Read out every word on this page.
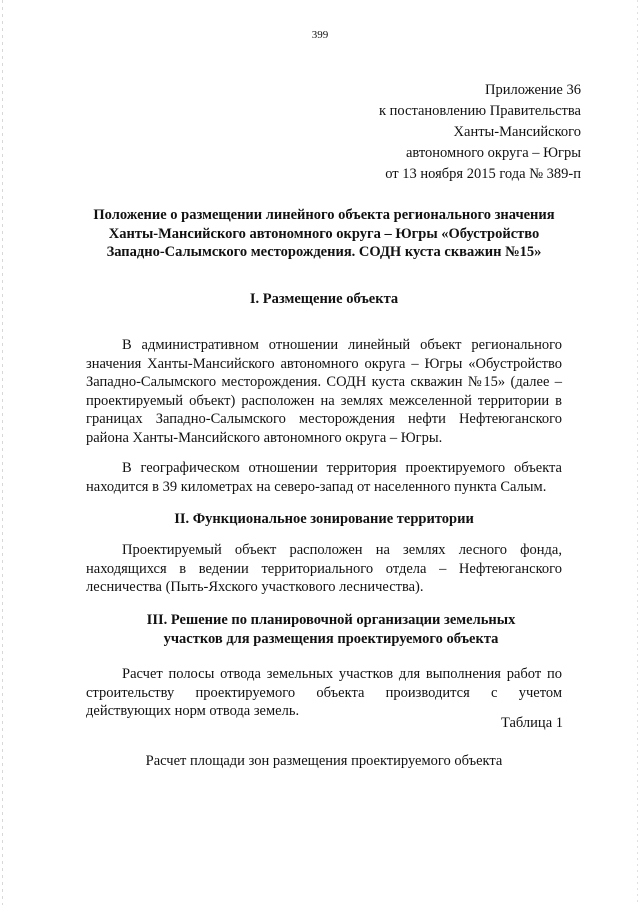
399
Приложение 36
к постановлению Правительства
Ханты-Мансийского
автономного округа – Югры
от 13 ноября 2015 года № 389-п
Положение о размещении линейного объекта регионального значения Ханты-Мансийского автономного округа – Югры «Обустройство Западно-Салымского месторождения. СОДН куста скважин №15»
I. Размещение объекта

В административном отношении линейный объект регионального значения Ханты-Мансийского автономного округа – Югры «Обустройство Западно-Салымского месторождения. СОДН куста скважин №15» (далее – проектируемый объект) расположен на землях межселенной территории в границах Западно-Салымского месторождения нефти Нефтеюганского района Ханты-Мансийского автономного округа – Югры.

В географическом отношении территория проектируемого объекта находится в 39 километрах на северо-запад от населенного пункта Салым.

II. Функциональное зонирование территории

Проектируемый объект расположен на землях лесного фонда, находящихся в ведении территориального отдела – Нефтеюганского лесничества (Пыть-Яхского участкового лесничества).

III. Решение по планировочной организации земельных участков для размещения проектируемого объекта

Расчет полосы отвода земельных участков для выполнения работ по строительству проектируемого объекта производится с учетом действующих норм отвода земель.

Таблица 1
Расчет площади зон размещения проектируемого объекта
